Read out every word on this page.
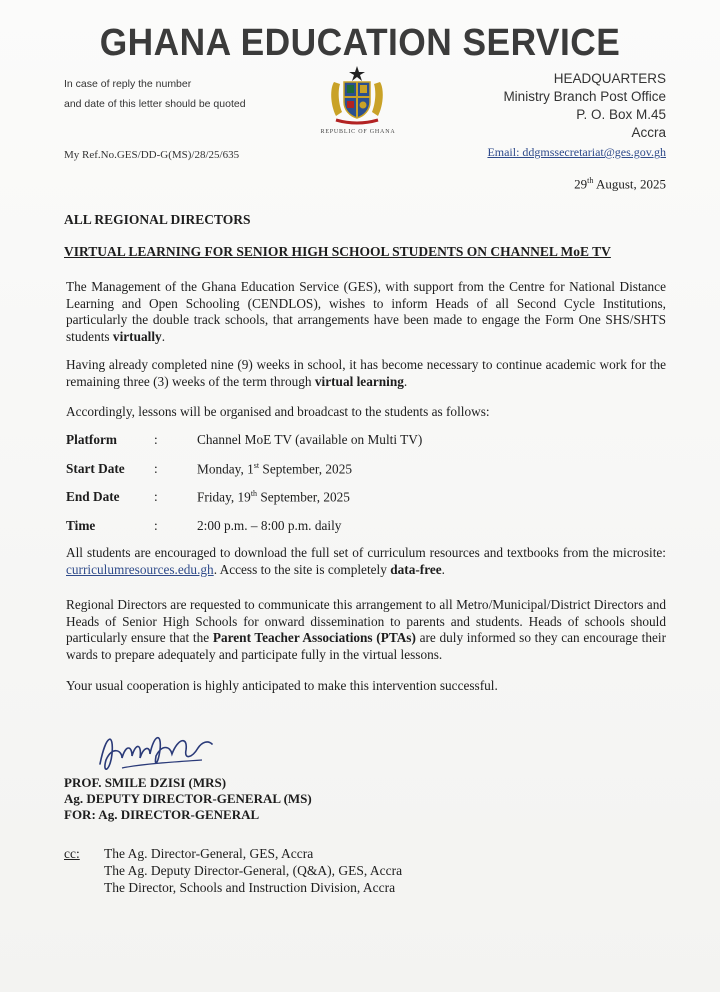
GHANA EDUCATION SERVICE
In case of reply the number
and date of this letter should be quoted
REPUBLIC OF GHANA
HEADQUARTERS
Ministry Branch Post Office
P. O. Box M.45
Accra
Email: ddgmssecretariat@ges.gov.gh
My Ref.No.GES/DD-G(MS)/28/25/635
29th August, 2025
ALL REGIONAL DIRECTORS
VIRTUAL LEARNING FOR SENIOR HIGH SCHOOL STUDENTS ON CHANNEL MoE TV
The Management of the Ghana Education Service (GES), with support from the Centre for National Distance Learning and Open Schooling (CENDLOS), wishes to inform Heads of all Second Cycle Institutions, particularly the double track schools, that arrangements have been made to engage the Form One SHS/SHTS students virtually.
Having already completed nine (9) weeks in school, it has become necessary to continue academic work for the remaining three (3) weeks of the term through virtual learning.
Accordingly, lessons will be organised and broadcast to the students as follows:
Platform	:	Channel MoE TV (available on Multi TV)
Start Date :	Monday, 1st September, 2025
End Date	:	Friday, 19th September, 2025
Time	:	2:00 p.m. – 8:00 p.m. daily
All students are encouraged to download the full set of curriculum resources and textbooks from the microsite: curriculumresources.edu.gh. Access to the site is completely data-free.
Regional Directors are requested to communicate this arrangement to all Metro/Municipal/District Directors and Heads of Senior High Schools for onward dissemination to parents and students. Heads of schools should particularly ensure that the Parent Teacher Associations (PTAs) are duly informed so they can encourage their wards to prepare adequately and participate fully in the virtual lessons.
Your usual cooperation is highly anticipated to make this intervention successful.
PROF. SMILE DZISI (MRS)
Ag. DEPUTY DIRECTOR-GENERAL (MS)
FOR: Ag. DIRECTOR-GENERAL
cc: The Ag. Director-General, GES, Accra
The Ag. Deputy Director-General, (Q&A), GES, Accra
The Director, Schools and Instruction Division, Accra
